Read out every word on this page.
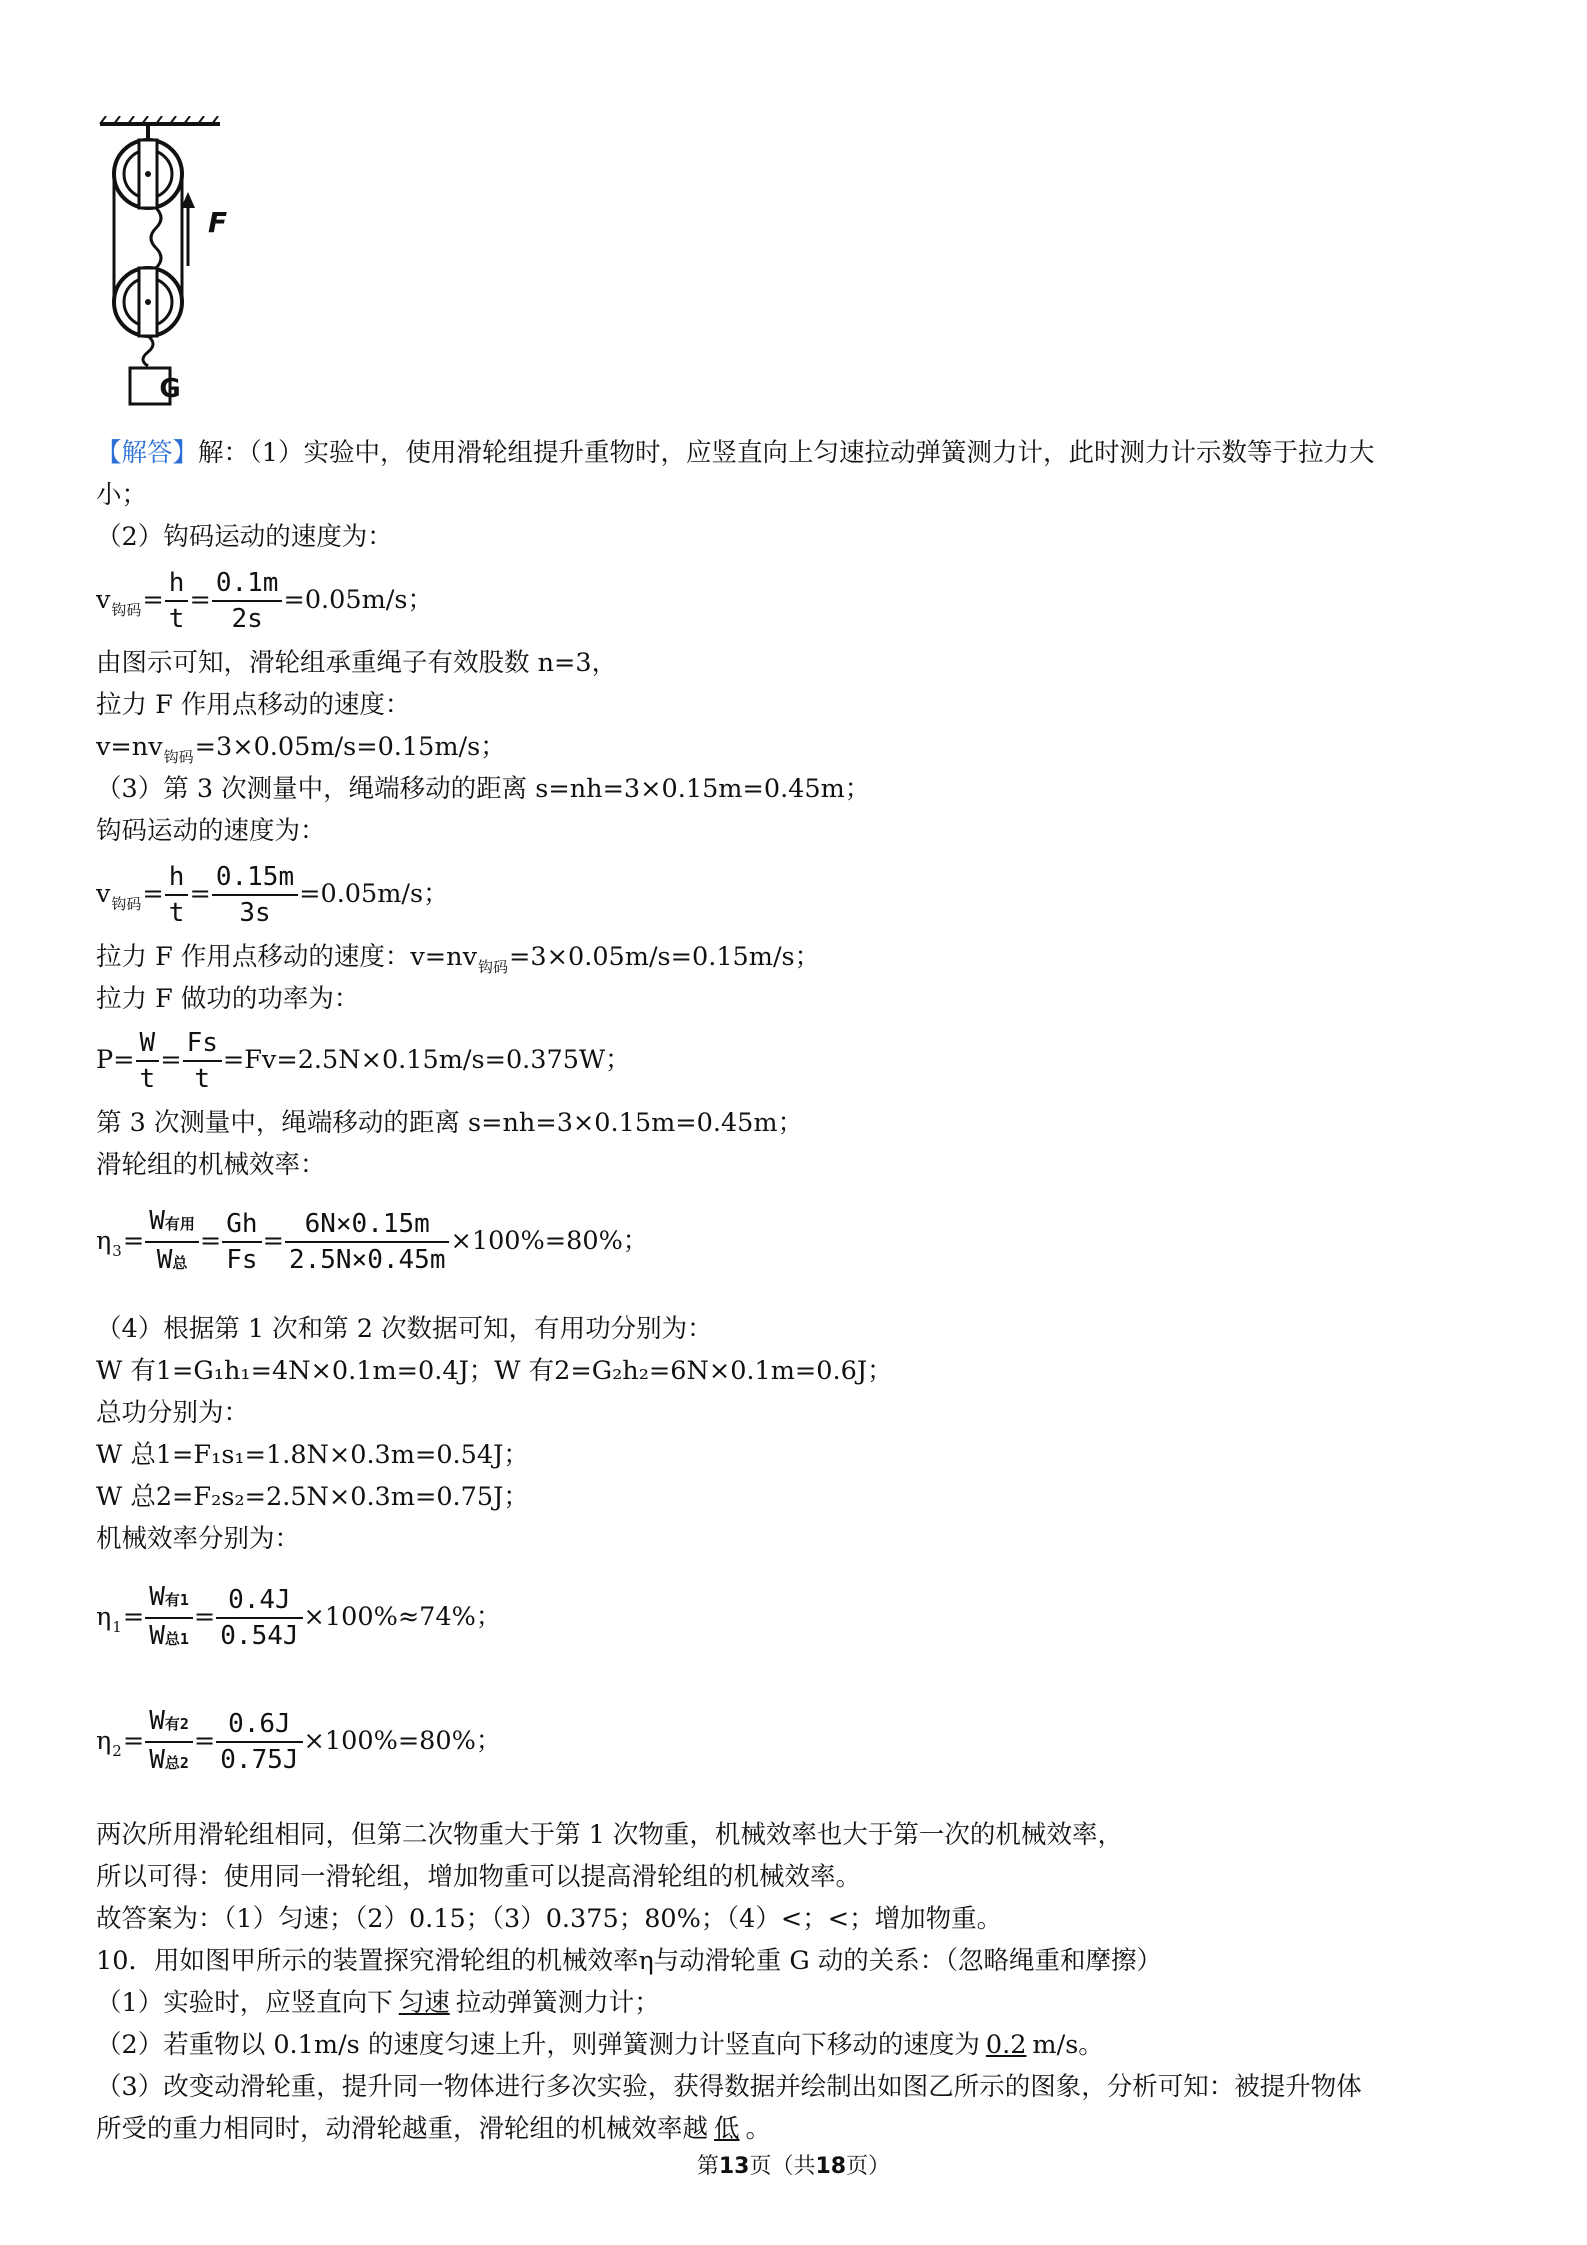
F
G
【解答】解：（1）实验中，使用滑轮组提升重物时，应竖直向上匀速拉动弹簧测力计，此时测力计示数等于拉力大
小；
（2）钩码运动的速度为：
$v_{钩码}= \frac{h}{t} = \frac{0.1m}{2s} =0.05m/s$；
由图示可知，滑轮组承重绳子有效股数 n=3，
拉力 F 作用点移动的速度：
$v=nv_{钩码}=3\times 0.05m/s=0.15m/s$；
（3）第 3 次测量中，绳端移动的距离 s=nh=3×0.15m=0.45m；
钩码运动的速度为：
$v_{钩码}= \frac{h}{t} = \frac{0.15m}{3s} =0.05m/s$；
拉力 F 作用点移动的速度：$v=nv_{钩码}=3\times 0.05m/s=0.15m/s$；
拉力 F 做功的功率为：
$P= \frac{W}{t} = \frac{Fs}{t} =Fv=2.5N\times 0.15m/s=0.375W$；
第 3 次测量中，绳端移动的距离 s=nh=3×0.15m=0.45m；
滑轮组的机械效率：
$\eta_3= \frac{\text{W有用}}{\text{W总}} = \frac{Gh}{Fs} = \frac{6N\times 0.15m}{2.5N\times 0.45m} \times 100\%=80\%$；
（4）根据第 1 次和第 2 次数据可知，有用功分别为：
W 有1=G₁h₁=4N×0.1m=0.4J；W 有2=G₂h₂=6N×0.1m=0.6J；
总功分别为：
W 总1=F₁s₁=1.8N×0.3m=0.54J；
W 总2=F₂s₂=2.5N×0.3m=0.75J；
机械效率分别为：
$\eta_1= \frac{\text{W有1}}{\text{W总1}} = \frac{0.4J}{0.54J} \times 100\%\approx 74\%$；
$\eta_2= \frac{\text{W有2}}{\text{W总2}} = \frac{0.6J}{0.75J} \times 100\%=80\%$；
两次所用滑轮组相同，但第二次物重大于第 1 次物重，机械效率也大于第一次的机械效率，
所以可得：使用同一滑轮组，增加物重可以提高滑轮组的机械效率。
故答案为：（1）匀速；（2）0.15；（3）0.375；80%；（4）<；<；增加物重。
10．用如图甲所示的装置探究滑轮组的机械效率η与动滑轮重 G 动的关系：（忽略绳重和摩擦）
（1）实验时，应竖直向下 匀速 拉动弹簧测力计；
（2）若重物以 0.1m/s 的速度匀速上升，则弹簧测力计竖直向下移动的速度为 0.2 m/s。
（3）改变动滑轮重，提升同一物体进行多次实验，获得数据并绘制出如图乙所示的图象，分析可知：被提升物体
所受的重力相同时，动滑轮越重，滑轮组的机械效率越 低 。
第13页（共18页）
